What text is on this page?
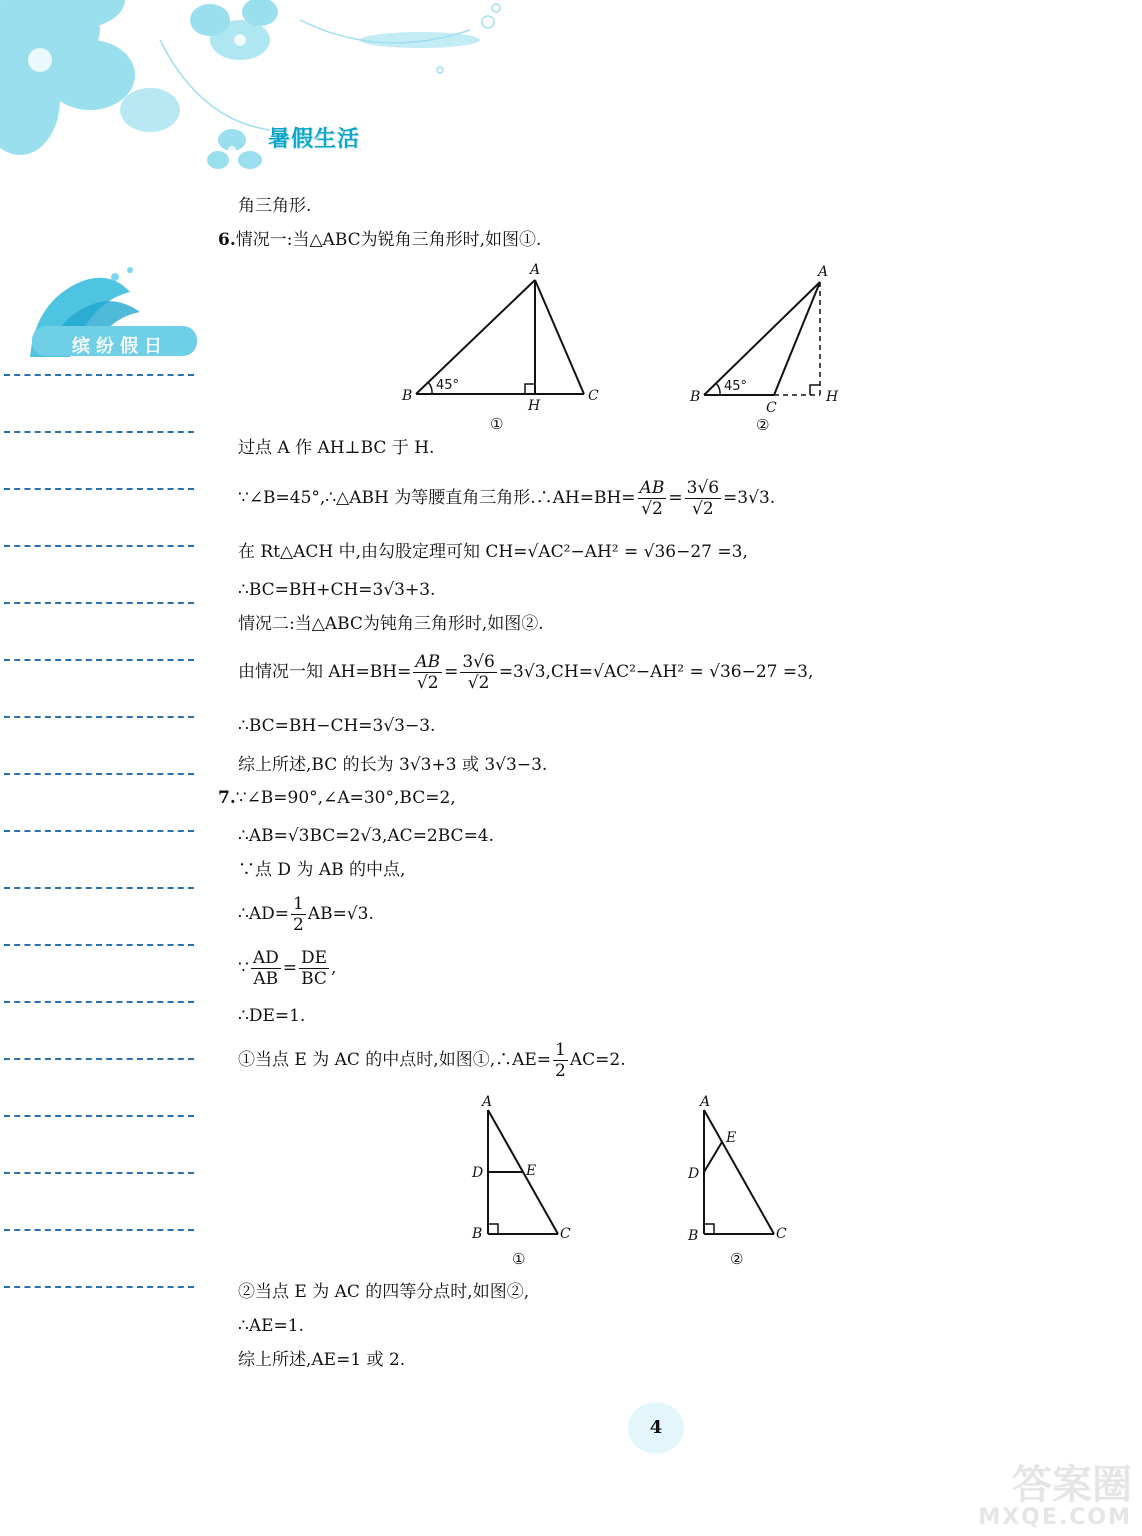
暑假生活
缤纷假日
角三角形.
6.情况一:当△ABC为锐角三角形时,如图①.
A
B	C
H
45°
①
A
B
C
H
45°
②
过点 A 作 AH⊥BC 于 H.
∵∠B=45°,∴△ABH 为等腰直角三角形.∴AH=BH= $\frac{AB}{√2} = \frac{3√6}{√2} =3√3$.
在 Rt△ACH 中,由勾股定理可知 CH=√AC²−AH² = √36−27 =3,
∴BC=BH+CH=3√3+3.
情况二:当△ABC为钝角三角形时,如图②.
由情况一知 $AH=BH= \frac{AB}{√2} = \frac{3√6}{√2} =3√3,CH=√AC^2-AH^2 = √36-27 =3$,
∴BC=BH−CH=3√3−3.
综上所述,BC 的长为 3√3+3 或 3√3−3.
7.∵∠B=90°,∠A=30°,BC=2,
∴AB=√3BC=2√3,AC=2BC=4.
∵点 D 为 AB 的中点,
∴AD= $\frac{1}{2} AB=√3$.
∵ $\frac{AD}{AB} = \frac{DE}{BC}$ ,
∴DE=1.
①当点 E 为 AC 的中点时,如图①,∴AE= $\frac{1}{2} AC=2$.
A
B	C
D	E
①
A
B	C
D
E
②
②当点 E 为 AC 的四等分点时,如图②,
∴AE=1.
综上所述,AE=1 或 2.
4
答案圈
MXQE.COM
